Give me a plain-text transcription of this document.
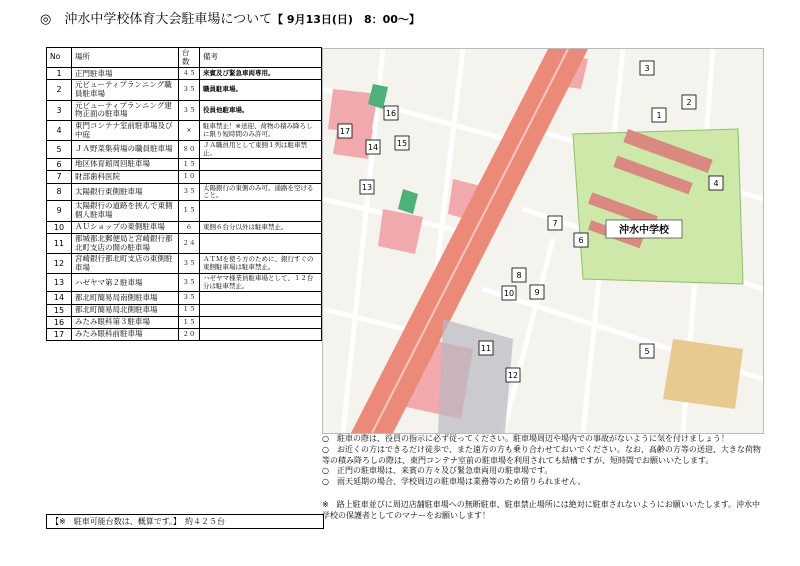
◎　沖水中学校体育大会駐車場について【 9月13日(日)　8：00～】
No	場所	台数	備考
1	正門駐車場	４５	来賓及び緊急車両専用。
2	元ビューティプランニング職員駐車場	３５	職員駐車場。
3	元ビューティプランニング建物正面の駐車場	３５	役員他駐車場。
4	東門コンテナ室前駐車場及び中庭	×	駐車禁止！※送迎、荷物の積み降ろしに限り短時間のみ許可。
5	ＪＡ野菜集荷場の職員駐車場	８０	ＪＡ職員用として東側１列は駐車禁止。
6	地区体育館周回駐車場	１５	
7	財部歯科医院	１０	
8	太陽銀行東側駐車場	３５	太陽銀行の東側のみ可。通路を空けること。
9	太陽銀行の道路を挟んで東側個人駐車場	１５	
10	ＡＵショップの東側駐車場	６	東側６台分以外は駐車禁止。
11	都城都北郵便局と宮崎銀行都北町支店の間の駐車場	２４	
12	宮崎銀行都北町支店の東側駐車場	３５	ＡＴＭを使う方のために、銀行すぐの東側駐車場は駐車禁止。
13	ハゼヤマ第２駐車場	３５	ハゼヤマ様業員駐車場として、１２台分は駐車禁止。
14	都北町簡易局南側駐車場	３５	
15	都北町簡易局北側駐車場	１５	
16	みたみ眼科第３駐車場	１５	
17	みたみ眼科前駐車場	２０	
【※　駐車可能台数は、概算です。】　約４２５台
沖水中学校
1
2
3
4
5
6
7
8
9
10
11
12
13
14 15
16
17

○　駐車の際は、役員の指示に必ず従ってください。駐車場周辺や場内での事故がないように気を付けましょう！

○　お近くの方はできるだけ徒歩で、また遠方の方も乗り合わせておいでください。なお、高齢の方等の送迎、大きな荷物等の積み降ろしの際は、東門コンテナ室前の駐車場を利用されても結構ですが、短時間でお願いいたします。

○　正門の駐車場は、来賓の方々及び緊急車両用の駐車場です。

○　雨天延期の場合、学校周辺の駐車場は業務等のため借りられません。

※　路上駐車並びに周辺店舗駐車場への無断駐車、駐車禁止場所には絶対に駐車されないようにお願いいたします。沖水中学校の保護者としてのマナーをお願いします！
